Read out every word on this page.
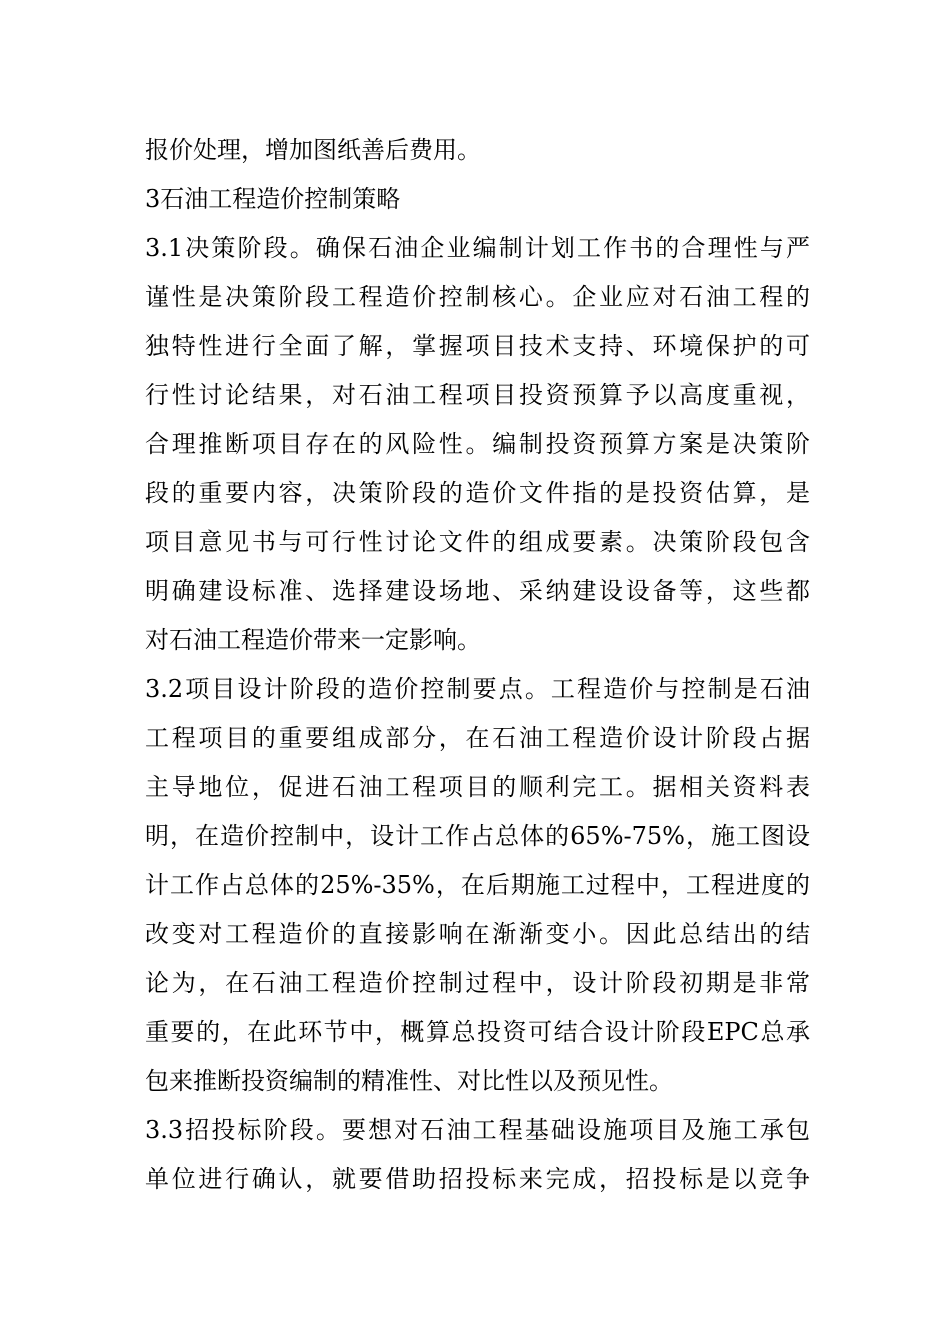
报价处理，增加图纸善后费用。

3石油工程造价控制策略

3.1决策阶段。确保石油企业编制计划工作书的合理性与严

谨性是决策阶段工程造价控制核心。企业应对石油工程的

独特性进行全面了解，掌握项目技术支持、环境保护的可

行性讨论结果，对石油工程项目投资预算予以高度重视，

合理推断项目存在的风险性。编制投资预算方案是决策阶

段的重要内容，决策阶段的造价文件指的是投资估算，是

项目意见书与可行性讨论文件的组成要素。决策阶段包含

明确建设标准、选择建设场地、采纳建设设备等，这些都

对石油工程造价带来一定影响。

3.2项目设计阶段的造价控制要点。工程造价与控制是石油

工程项目的重要组成部分，在石油工程造价设计阶段占据

主导地位，促进石油工程项目的顺利完工。据相关资料表

明，在造价控制中，设计工作占总体的65%-75%，施工图设

计工作占总体的25%-35%，在后期施工过程中，工程进度的

改变对工程造价的直接影响在渐渐变小。因此总结出的结

论为，在石油工程造价控制过程中，设计阶段初期是非常

重要的，在此环节中，概算总投资可结合设计阶段EPC总承

包来推断投资编制的精准性、对比性以及预见性。

3.3招投标阶段。要想对石油工程基础设施项目及施工承包

单位进行确认，就要借助招投标来完成，招投标是以竞争
